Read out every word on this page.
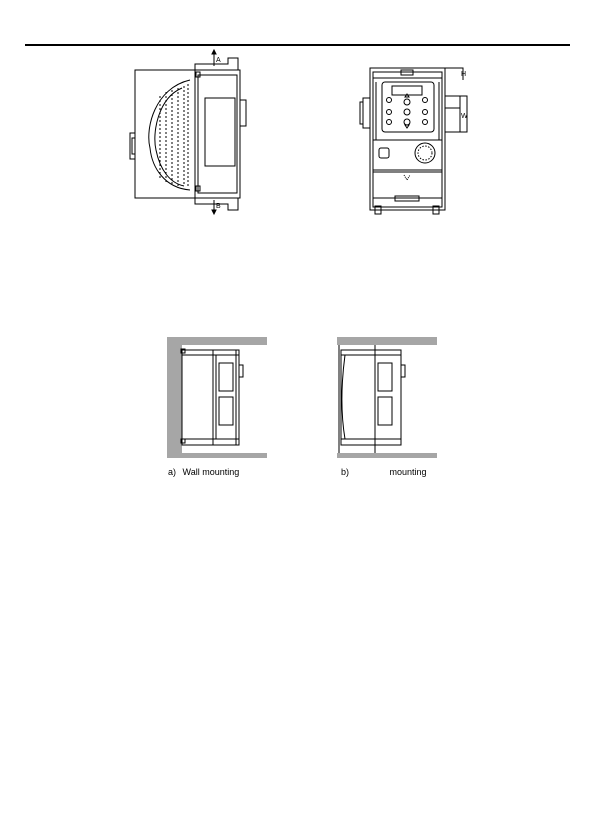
A
B
H
W
a) Wall mounting	b)	mounting
